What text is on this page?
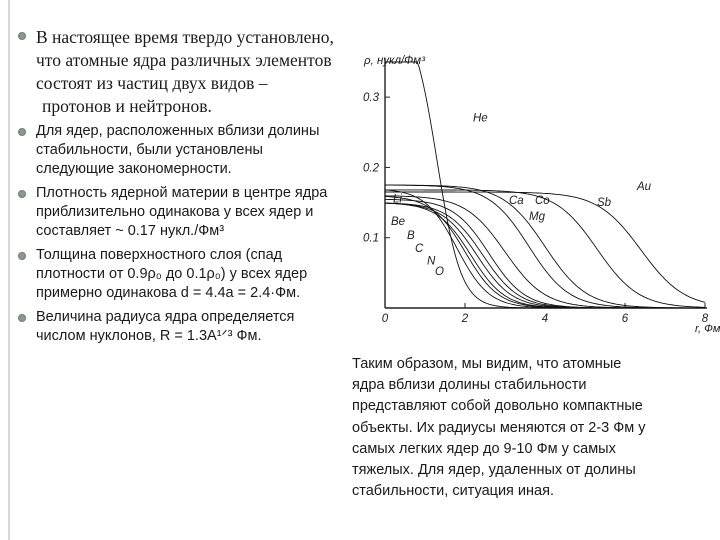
В настоящее время твердо установлено,
что атомные ядра различных элементов
состоят из частиц двух видов –
протонов и нейтронов.
Для ядер, расположенных вблизи долины
стабильности, были установлены
следующие закономерности.
Плотность ядерной материи в центре ядра
приблизительно одинакова у всех ядер и
составляет ~ 0.17 нукл./Фм³
Толщина поверхностного слоя (спад
плотности от 0.9ρ₀ до 0.1ρ₀) у всех ядер
примерно одинакова d = 4.4a = 2.4·Фм.
Величина радиуса ядра определяется
числом нуклонов, R = 1.3A¹ᐟ³ Фм.
0	2	4	6	8
0.1
0.2
0.3
ρ, нукл/Фм³
r, Фм
He
Li
Be
B
C
N
O
Mg
Ca Co	Sb
Au
Таким образом, мы видим, что атомные
ядра вблизи долины стабильности
представляют собой довольно компактные
объекты. Их радиусы меняются от 2-3 Фм у
самых легких ядер до 9-10 Фм у самых
тяжелых. Для ядер, удаленных от долины
стабильности, ситуация иная.
